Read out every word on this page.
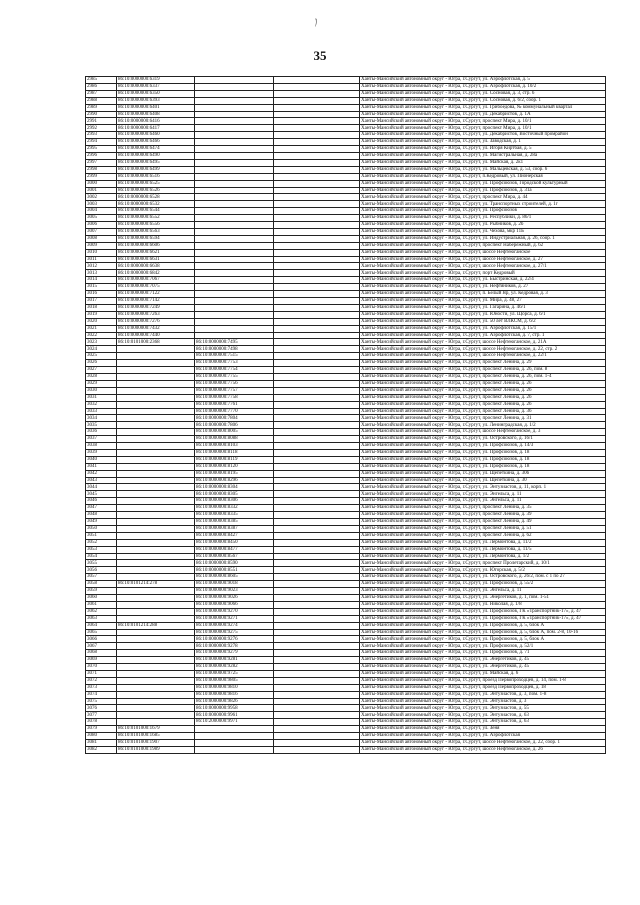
ﾉ
35
2985	86:10:0000000:6319			Ханты-Мансийский автономный округ - Югра, г.Сургут, ул. Аэрофлотская, д. 5
2986	86:10:0000000:6337			Ханты-Мансийский автономный округ - Югра, г.Сургут, ул. Аэрофлотская, д. 10/2
2987	86:10:0000000:6350			Ханты-Мансийский автономный округ - Югра, г.Сургут, ул. Сосновая, д. 3, стр. 6
2988	86:10:0000000:6393			Ханты-Мансийский автономный округ - Югра, г.Сургут, ул. Сосновая, д. 6/2, соор. 1
2989	86:10:0000000:6401			Ханты-Мансийский автономный округ - Югра, г.Сургут, ул. Грибоедова, № коммунальный квартал
2990	86:10:0000000:6408			Ханты-Мансийский автономный округ - Югра, г.Сургут, ул. Декабристов, д. 1А
2991	86:10:0000000:6416			Ханты-Мансийский автономный округ - Югра, г.Сургут, проспект Мира, д. 10/1
2992	86:10:0000000:6417			Ханты-Мансийский автономный округ - Югра, г.Сургут, проспект Мира, д. 10/1
2993	86:10:0000000:6460			Ханты-Мансийский автономный округ - Югра, г.Сургут, ул. Декабристов, Восточный промрайон
2994	86:10:0000000:6466			Ханты-Мансийский автономный округ - Югра, г.Сургут, ул. Заводская, д. 1
2995	86:10:0000000:6474			Ханты-Мансийский автономный округ - Югра, г.Сургут, ул. Игоря Киртбая, д. 5
2996	86:10:0000000:6490			Ханты-Мансийский автономный округ - Югра, г.Сургут, ул. Магистральная, д. 28а
2997	86:10:0000000:6495			Ханты-Мансийский автономный округ - Югра, г.Сургут, ул. Майская, д. 2к1
2998	86:10:0000000:6499			Ханты-Мансийский автономный округ - Югра, г.Сургут, ул. Мальцевская, д. 53, соор. 6
2999	86:10:0000000:6516			Ханты-Мансийский автономный округ - Югра, г.Сургут, п.Кедровый, ул. Пионерская
3000	86:10:0000000:6525			Ханты-Мансийский автономный округ - Югра, г.Сургут, ул. Профсоюзов, Городской культурный
3001	86:10:0000000:6526			Ханты-Мансийский автономный округ - Югра, г.Сургут, ул. Профсоюзов, д. 31а
3002	86:10:0000000:6528			Ханты-Мансийский автономный округ - Югра, г.Сургут, проспект Мира, д. 44
3003	86:10:0000000:6532			Ханты-Мансийский автономный округ - Югра, г.Сургут, ул. Транспортных строителей, д. 1г
3004	86:10:0000000:6544			Ханты-Мансийский автономный округ - Югра, г.Сургут, ул. Профсоюзов
3005	86:10:0000000:6552			Ханты-Мансийский автономный округ - Югра, г.Сургут, ул. Республики, д. 86/1
3006	86:10:0000000:6556			Ханты-Мансийский автономный округ - Югра, г.Сургут, ул. Рыбников, д. 2б
3007	86:10:0000000:6563			Ханты-Мансийский автономный округ - Югра, г.Сургут, ул. Чехова, мкр 11Б
3008	86:10:0000000:6594			Ханты-Мансийский автономный округ - Югра, г.Сургут, ул. Индустриальная, д. 26, соор. 1
3009	86:10:0000000:6606			Ханты-Мансийский автономный округ - Югра, г.Сургут, проспект Набережный, д. 62
3010	86:10:0000000:6621			Ханты-Мансийский автономный округ - Югра, г.Сургут, шоссе Нефтеюганское
3011	86:10:0000000:6631			Ханты-Мансийский автономный округ - Югра, г.Сургут, шоссе Нефтеюганское, д. 27
3012	86:10:0000000:6638			Ханты-Мансийский автономный округ - Югра, г.Сургут, шоссе Нефтеюганское, д. 27/1
3013	86:10:0000000:6842			Ханты-Мансийский автономный округ - Югра, г.Сургут, порт Кедровый
3014	86:10:0000000:7067			Ханты-Мансийский автономный округ - Югра, г.Сургут, ул. Быстринская, д. 22/4
3015	86:10:0000000:7075			Ханты-Мансийский автономный округ - Югра, г.Сургут, ул. Нефтяников, д. 27
3016	86:10:0000000:7122			Ханты-Мансийский автономный округ - Югра, г.Сургут, п. Белый Яр, ул. Кедровая, д. 3
3017	86:10:0000000:7142			Ханты-Мансийский автономный округ - Югра, г.Сургут, ул. Мира, д. 48, 27
3018	86:10:0000000:7249			Ханты-Мансийский автономный округ - Югра, г.Сургут, ул. Гагарина, д. 46/1
3019	86:10:0000000:7263			Ханты-Мансийский автономный округ - Югра, г.Сургут, ул. Юности, ул. Щорса, д. 6/1
3020	86:10:0000000:7276			Ханты-Мансийский автономный округ - Югра, г.Сургут, ул. 50 лет ВЛКСМ, д. 6/2
3021	86:10:0000000:7432			Ханты-Мансийский автономный округ - Югра, г.Сургут, ул. Аэрофлотская, д. 15/1
3022	86:10:0000000:7440			Ханты-Мансийский автономный округ - Югра, г.Сургут, ул. Аэрофлотская, д. 7, стр. 1
3023	86:10:0101000:2368	86:10:0000000:7495		Ханты-Мансийский автономный округ - Югра, г.Сургут, шоссе Нефтеюганское, д. 21А
3024		86:10:0000000:7498		Ханты-Мансийский автономный округ - Югра, г.Сургут, шоссе Нефтеюганское, д. 22, стр. 2
3025		86:10:0000000:7515		Ханты-Мансийский автономный округ - Югра, г.Сургут, шоссе Нефтеюганское, д. 22/1
3026		86:10:0000000:7753		Ханты-Мансийский автономный округ - Югра, г.Сургут, проспект Ленина, д. 29
3027		86:10:0000000:7754		Ханты-Мансийский автономный округ - Югра, г.Сургут, проспект Ленина, д. 26, пом. 8
3028		86:10:0000000:7755		Ханты-Мансийский автономный округ - Югра, г.Сургут, проспект Ленина, д. 26, пом. 1-4
3029		86:10:0000000:7756		Ханты-Мансийский автономный округ - Югра, г.Сургут, проспект Ленина, д. 26
3030		86:10:0000000:7757		Ханты-Мансийский автономный округ - Югра, г.Сургут, проспект Ленина, д. 26
3031		86:10:0000000:7758		Ханты-Мансийский автономный округ - Югра, г.Сургут, проспект Ленина, д. 26
3032		86:10:0000000:7761		Ханты-Мансийский автономный округ - Югра, г.Сургут, проспект Ленина, д. 26
3033		86:10:0000000:7770		Ханты-Мансийский автономный округ - Югра, г.Сургут, проспект Ленина, д. 36
3034		86:10:0000000:7804		Ханты-Мансийский автономный округ - Югра, г.Сургут, проспект Ленина, д. 31
3035		86:10:0000000:7806		Ханты-Мансийский автономный округ - Югра, г.Сургут, ул. Ленинградская, д. 1/2
3036		86:10:0000000:8005		Ханты-Мансийский автономный округ - Югра, г.Сургут, шоссе Нефтеюганское, д. 3
3037		86:10:0000000:8088		Ханты-Мансийский автономный округ - Югра, г.Сургут, ул. Островского, д. 16/1
3038		86:10:0000000:8103		Ханты-Мансийский автономный округ - Югра, г.Сургут, ул. Профсоюзов, д. 14/3
3039		86:10:0000000:8118		Ханты-Мансийский автономный округ - Югра, г.Сургут, ул. Профсоюзов, д. 18
3040		86:10:0000000:8119		Ханты-Мансийский автономный округ - Югра, г.Сургут, ул. Профсоюзов, д. 18
3041		86:10:0000000:8120		Ханты-Мансийский автономный округ - Югра, г.Сургут, ул. Профсоюзов, д. 18
3042		86:10:0000000:8195		Ханты-Мансийский автономный округ - Югра, г.Сургут, ул. Щепеткина, д. 30б
3043		86:10:0000000:8296		Ханты-Мансийский автономный округ - Югра, г.Сургут, ул. Щепеткина, д. 30
3044		86:10:0000000:8304		Ханты-Мансийский автономный округ - Югра, г.Сургут, ул. Энтузиастов, д. 11, корп. 1
3045		86:10:0000000:8305		Ханты-Мансийский автономный округ - Югра, г.Сургут, ул. Энгельса, д. 11
3046		86:10:0000000:8306		Ханты-Мансийский автономный округ - Югра, г.Сургут, ул. Энгельса, д. 11
3047		86:10:0000000:8332		Ханты-Мансийский автономный округ - Югра, г.Сургут, проспект Ленина, д. 35
3048		86:10:0000000:8335		Ханты-Мансийский автономный округ - Югра, г.Сургут, проспект Ленина, д. 39
3049		86:10:0000000:8385		Ханты-Мансийский автономный округ - Югра, г.Сургут, проспект Ленина, д. 49
3050		86:10:0000000:8387		Ханты-Мансийский автономный округ - Югра, г.Сургут, проспект Ленина, д. 51
3051		86:10:0000000:8427		Ханты-Мансийский автономный округ - Югра, г.Сургут, проспект Ленина, д. 62
3052		86:10:0000000:8450		Ханты-Мансийский автономный округ - Югра, г.Сургут, ул. Лермонтова, д. 11/2
3053		86:10:0000000:8477		Ханты-Мансийский автономный округ - Югра, г.Сургут, ул. Лермонтова, д. 11/5
3054		86:10:0000000:8567		Ханты-Мансийский автономный округ - Югра, г.Сургут, ул. Лермонтова, д. 1/2
3055		86:10:0000000:8590		Ханты-Мансийский автономный округ - Югра, г.Сургут, проспект Пролетарский, д. 10/1
3056		86:10:0000000:8551		Ханты-Мансийский автономный округ - Югра, г.Сургут, ул. Югорская, д. 5/2
3057		86:10:0000000:8605		Ханты-Мансийский автономный округ - Югра, г.Сургут, ул. Островского, д. 26/2, пом. с 1 по 27
3058	86:10:0101214:278	86:10:0000000:9018		Ханты-Мансийский автономный округ - Югра, г.Сургут, ул. Профсоюзов, д. 55/2
3059		86:10:0000000:9023		Ханты-Мансийский автономный округ - Югра, г.Сургут, ул. Энгельса, д. 11
3060		86:10:0000000:9026		Ханты-Мансийский автономный округ - Югра, г.Сургут, ул. Энергетиков, д. 1, пом. 1-51
3061		86:10:0000000:9066		Ханты-Мансийский автономный округ - Югра, г.Сургут, ул. Николая, д. 1/8
3062		86:10:0000000:9270		Ханты-Мансийский автономный округ - Югра, г.Сургут, ул. Профсоюзов, ГК «Транспортник-17», д. 47
3063		86:10:0000000:9271		Ханты-Мансийский автономный округ - Югра, г.Сургут, ул. Профсоюзов, ГК «Транспортник-17», д. 47
3064	86:10:0101214:288	86:10:0000000:9274		Ханты-Мансийский автономный округ - Югра, г.Сургут, ул. Профсоюзов, д. 5, блок А
3065		86:10:0000000:9275		Ханты-Мансийский автономный округ - Югра, г.Сургут, ул. Профсоюзов, д. 5, блок А, пом. 2-8, 10-16
3066		86:10:0000000:9276		Ханты-Мансийский автономный округ - Югра, г.Сургут, ул. Профсоюзов, д. 5, блок А
3067		86:10:0000000:9278		Ханты-Мансийский автономный округ - Югра, г.Сургут, ул. Профсоюзов, д. 52/1
3068		86:10:0000000:9279		Ханты-Мансийский автономный округ - Югра, г.Сургут, ул. Профсоюзов, д. 71
3069		86:10:0000000:9281		Ханты-Мансийский автономный округ - Югра, г.Сургут, ул. Энергетиков, д. 45
3070		86:10:0000000:9282		Ханты-Мансийский автономный округ - Югра, г.Сургут, ул. Энергетиков, д. 45
3071		86:10:0000000:9725		Ханты-Мансийский автономный округ - Югра, г.Сургут, ул. Майская, д. 6
3072		86:10:0000000:9805		Ханты-Мансийский автономный округ - Югра, г.Сургут, проезд Первопроходцев, д. 14, пом. 1-8
3073		86:10:0000000:9810		Ханты-Мансийский автономный округ - Югра, г.Сургут, проезд Первопроходцев, д. 18
3074		86:10:0000000:9816		Ханты-Мансийский автономный округ - Югра, г.Сургут, ул. Энтузиастов, д. 3, пом. 1-8
3075		86:10:0000000:9826		Ханты-Мансийский автономный округ - Югра, г.Сургут, ул. Энтузиастов, д. 3
3076		86:10:0000000:9958		Ханты-Мансийский автономный округ - Югра, г.Сургут, ул. Энтузиастов, д. 55
3077		86:10:0000000:9961		Ханты-Мансийский автономный округ - Югра, г.Сургут, ул. Энтузиастов, д. 63
3078		86:10:2000000:9971		Ханты-Мансийский автономный округ - Югра, г.Сургут, ул. Энтузиастов, д. 63
3079	86:10:0101000:1679			Ханты-Мансийский автономный округ - Югра, г.Сургут, ул. Зеня
3080	86:10:0101000:1685			Ханты-Мансийский автономный округ - Югра, г.Сургут, ул. Аэрофлотская
3081	86:10:0101000:1907			Ханты-Мансийский автономный округ - Югра, г.Сургут, шоссе Нефтеюганское, д. 22, соор. 1
3082	86:10:0101000:1989			Ханты-Мансийский автономный округ - Югра, г.Сургут, шоссе Нефтеюганское, д. 26
